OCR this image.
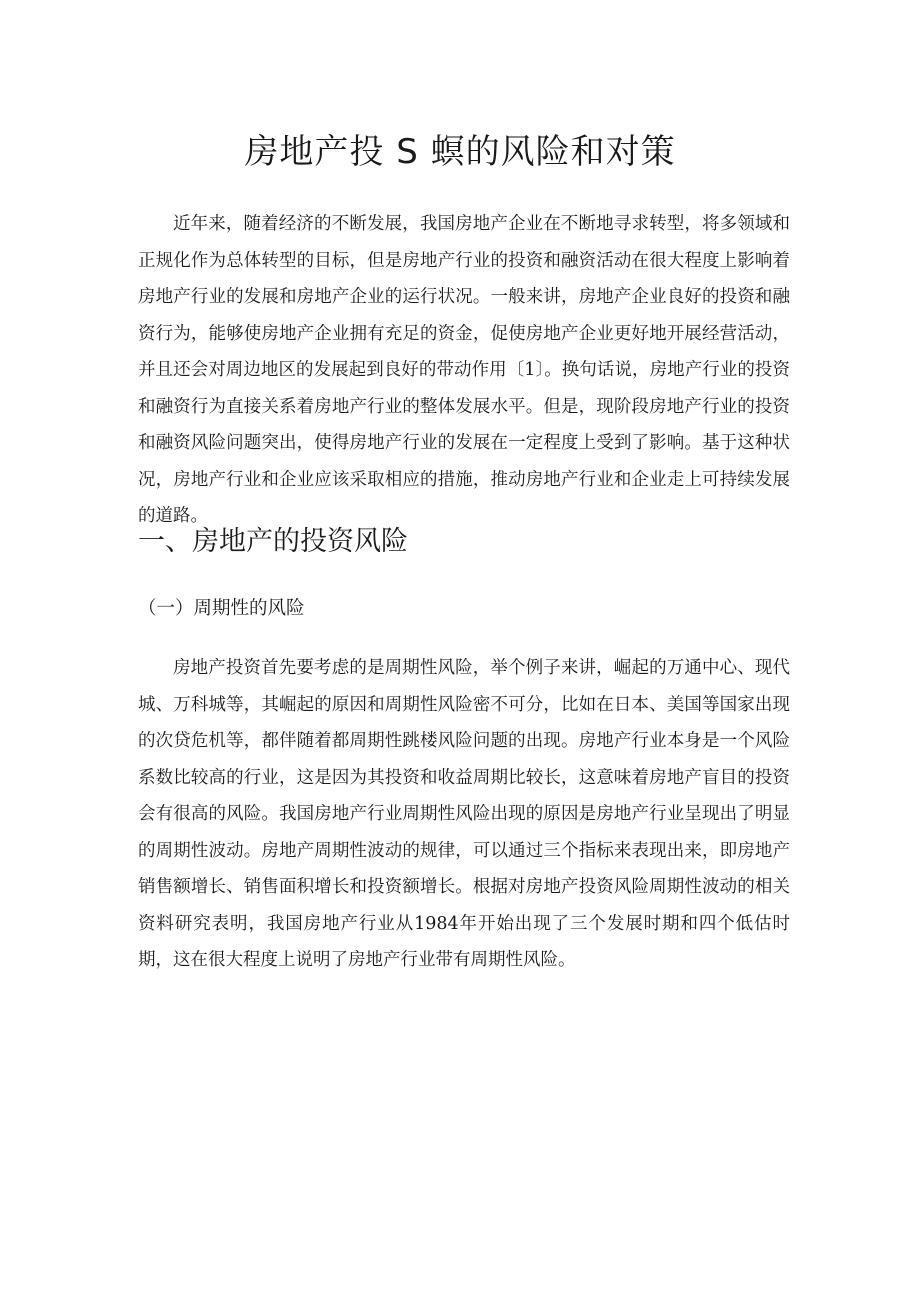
房地产投 S 螟的风险和对策

近年来，随着经济的不断发展，我国房地产企业在不断地寻求转型，将多领域和正规化作为总体转型的目标，但是房地产行业的投资和融资活动在很大程度上影响着房地产行业的发展和房地产企业的运行状况。一般来讲，房地产企业良好的投资和融资行为，能够使房地产企业拥有充足的资金，促使房地产企业更好地开展经营活动，并且还会对周边地区的发展起到良好的带动作用〔1〕。换句话说，房地产行业的投资和融资行为直接关系着房地产行业的整体发展水平。但是，现阶段房地产行业的投资和融资风险问题突出，使得房地产行业的发展在一定程度上受到了影响。基于这种状况，房地产行业和企业应该采取相应的措施，推动房地产行业和企业走上可持续发展的道路。

一、房地产的投资风险
（一）周期性的风险

房地产投资首先要考虑的是周期性风险，举个例子来讲，崛起的万通中心、现代城、万科城等，其崛起的原因和周期性风险密不可分，比如在日本、美国等国家出现的次贷危机等，都伴随着都周期性跳楼风险问题的出现。房地产行业本身是一个风险系数比较高的行业，这是因为其投资和收益周期比较长，这意味着房地产盲目的投资会有很高的风险。我国房地产行业周期性风险出现的原因是房地产行业呈现出了明显的周期性波动。房地产周期性波动的规律，可以通过三个指标来表现出来，即房地产销售额增长、销售面积增长和投资额增长。根据对房地产投资风险周期性波动的相关资料研究表明，我国房地产行业从1984年开始出现了三个发展时期和四个低估时期，这在很大程度上说明了房地产行业带有周期性风险。
